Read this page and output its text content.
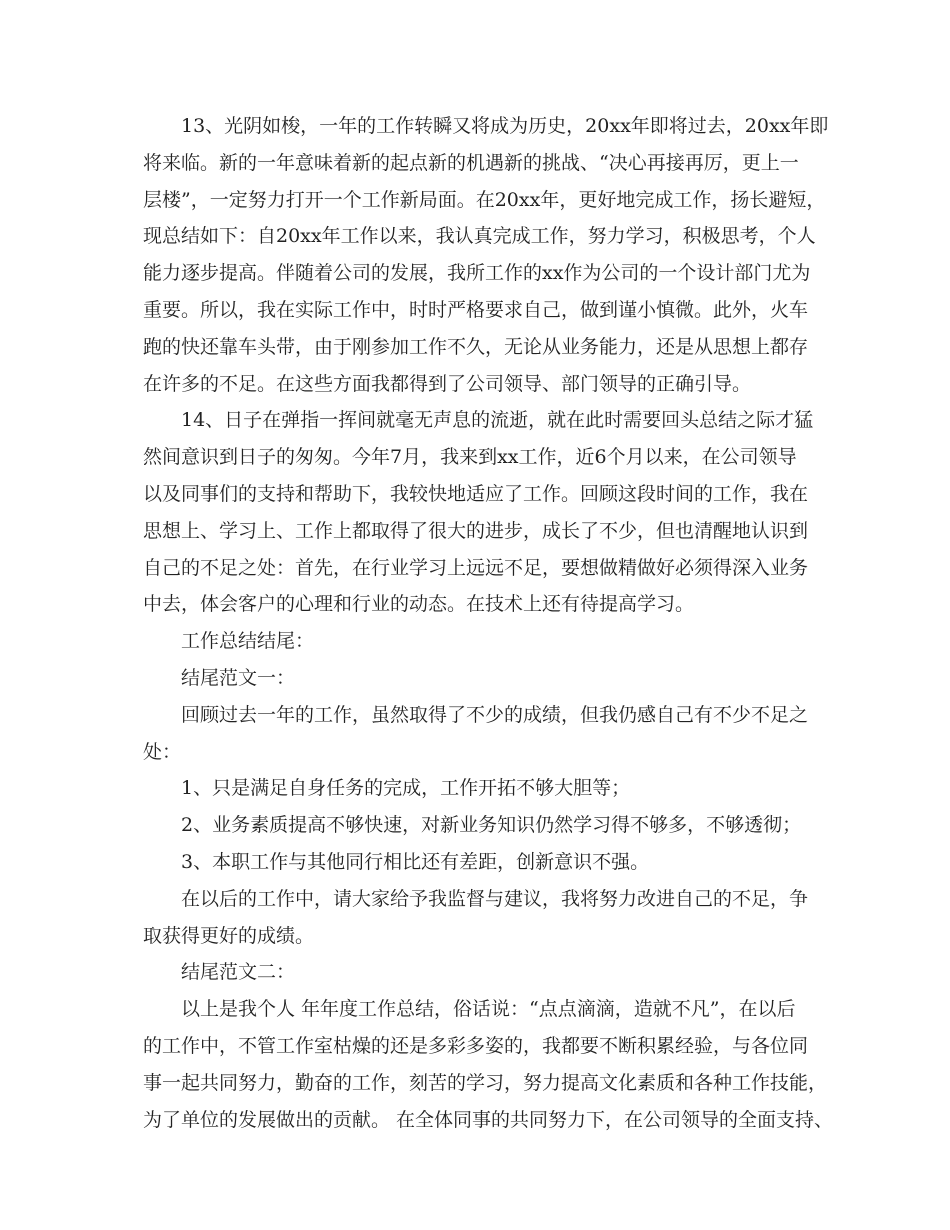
13、光阴如梭，一年的工作转瞬又将成为历史，20xx年即将过去，20xx年即
将来临。新的一年意味着新的起点新的机遇新的挑战、“决心再接再厉，更上一
层楼”，一定努力打开一个工作新局面。在20xx年，更好地完成工作，扬长避短，
现总结如下：自20xx年工作以来，我认真完成工作，努力学习，积极思考，个人
能力逐步提高。伴随着公司的发展，我所工作的xx作为公司的一个设计部门尤为
重要。所以，我在实际工作中，时时严格要求自己，做到谨小慎微。此外，火车
跑的快还靠车头带，由于刚参加工作不久，无论从业务能力，还是从思想上都存
在许多的不足。在这些方面我都得到了公司领导、部门领导的正确引导。
14、日子在弹指一挥间就毫无声息的流逝，就在此时需要回头总结之际才猛
然间意识到日子的匆匆。今年7月，我来到xx工作，近6个月以来，在公司领导
以及同事们的支持和帮助下，我较快地适应了工作。回顾这段时间的工作，我在
思想上、学习上、工作上都取得了很大的进步，成长了不少，但也清醒地认识到
自己的不足之处：首先，在行业学习上远远不足，要想做精做好必须得深入业务
中去，体会客户的心理和行业的动态。在技术上还有待提高学习。
工作总结结尾：
结尾范文一：
回顾过去一年的工作，虽然取得了不少的成绩，但我仍感自己有不少不足之
处：
1、只是满足自身任务的完成，工作开拓不够大胆等；
2、业务素质提高不够快速，对新业务知识仍然学习得不够多，不够透彻；
3、本职工作与其他同行相比还有差距，创新意识不强。
在以后的工作中，请大家给予我监督与建议，我将努力改进自己的不足，争
取获得更好的成绩。
结尾范文二：
以上是我个人 年年度工作总结，俗话说：“点点滴滴，造就不凡”，在以后
的工作中，不管工作室枯燥的还是多彩多姿的，我都要不断积累经验，与各位同
事一起共同努力，勤奋的工作，刻苦的学习，努力提高文化素质和各种工作技能，
为了单位的发展做出的贡献。 在全体同事的共同努力下，在公司领导的全面支持、
